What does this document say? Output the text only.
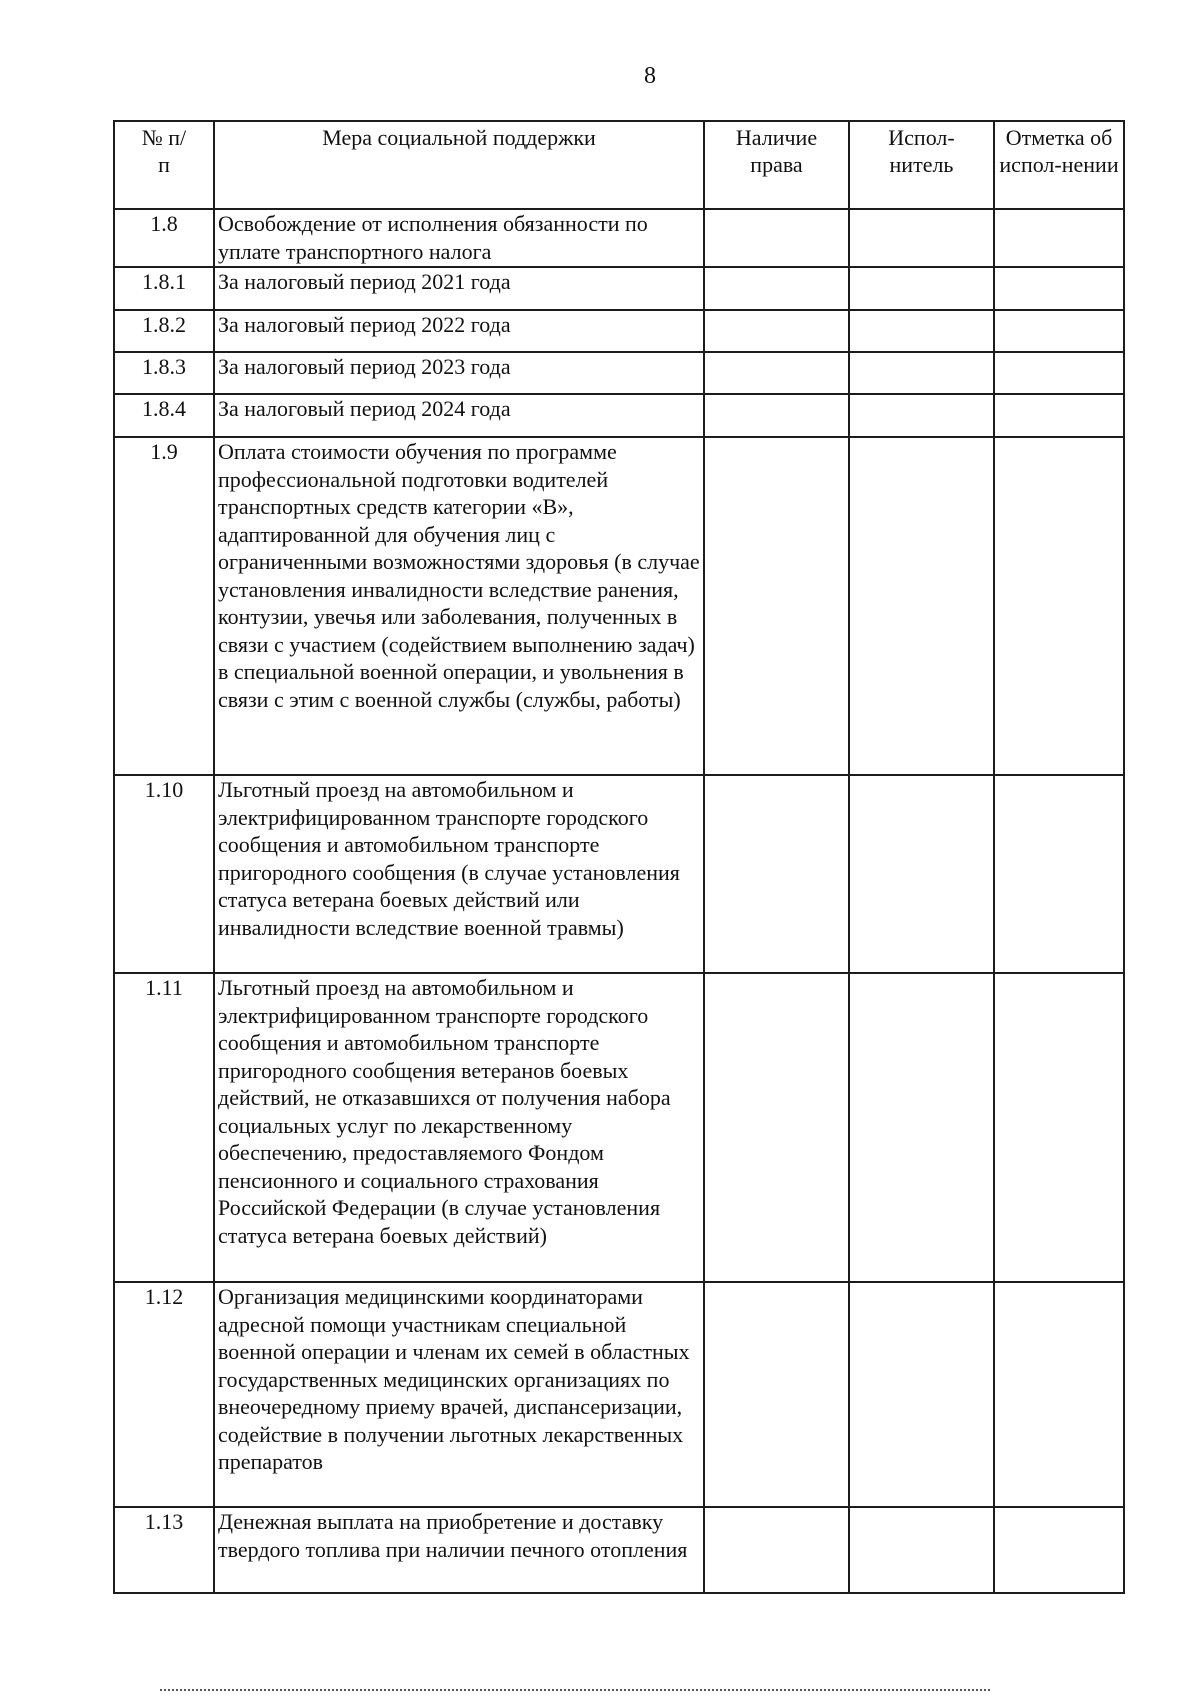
8
№ п/п	Мера социальной поддержки	Наличие права	Испол-нитель	Отметка об испол-нении

1.8	Освобождение от исполнения обязанности по уплате транспортного налога			
1.8.1	За налоговый период 2021 года			
1.8.2	За налоговый период 2022 года			
1.8.3	За налоговый период 2023 года			
1.8.4	За налоговый период 2024 года			
1.9	Оплата стоимости обучения по программе профессиональной подготовки водителей транспортных средств категории «В», адаптированной для обучения лиц с ограниченными возможностями здоровья (в случае установления инвалидности вследствие ранения, контузии, увечья или заболевания, полученных в связи с участием (содействием выполнению задач) в специальной военной операции, и увольнения в связи с этим с военной службы (службы, работы)			
1.10	Льготный проезд на автомобильном и электрифицированном транспорте городского сообщения и автомобильном транспорте пригородного сообщения (в случае установления статуса ветерана боевых действий или инвалидности вследствие военной травмы)			
1.11	Льготный проезд на автомобильном и электрифицированном транспорте городского сообщения и автомобильном транспорте пригородного сообщения ветеранов боевых действий, не отказавшихся от получения набора социальных услуг по лекарственному обеспечению, предоставляемого Фондом пенсионного и социального страхования Российской Федерации (в случае установления статуса ветерана боевых действий)			
1.12	Организация медицинскими координаторами адресной помощи участникам специальной военной операции и членам их семей в областных государственных медицинских организациях по внеочередному приему врачей, диспансеризации, содействие в получении льготных лекарственных препаратов			
1.13	Денежная выплата на приобретение и доставку твердого топлива при наличии печного отопления			
